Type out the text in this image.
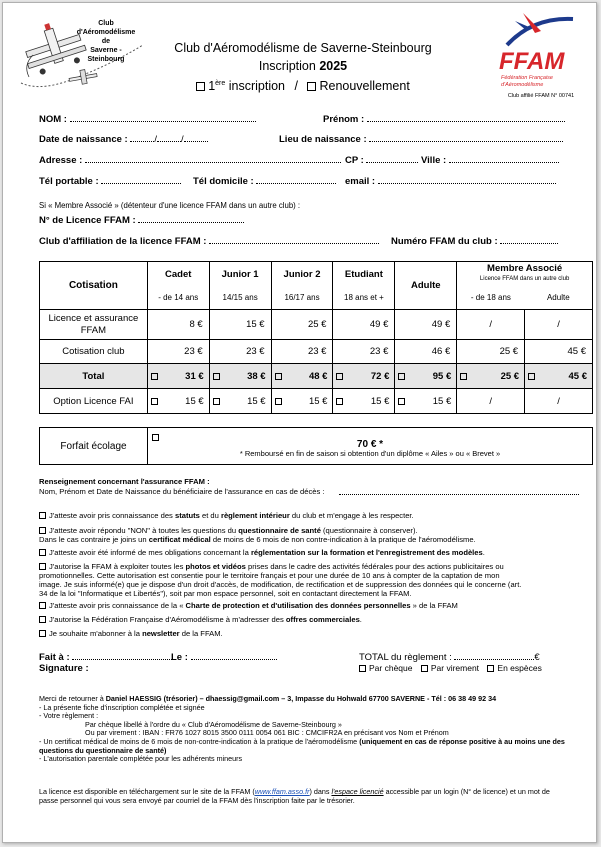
Club d'Aéromodélisme
de
Saverne - Steinbourg
Club d'Aéromodélisme de Saverne-Steinbourg
Inscription 2025
1ère inscription / Renouvellement
FFAM
Fédération Française
d'Aéromodélisme
Club affilié FFAM N° 00741
NOM :	Prénom :
Date de naissance :	/	/	Lieu de naissance :
Adresse :	CP :	Ville :
Tél portable :	Tél domicile :	email :
Si « Membre Associé » (détenteur d'une licence FFAM dans un autre club) :
N° de Licence FFAM :
Club d'affiliation de la licence FFAM :	Numéro FFAM du club :
Cotisation	Cadet	Junior 1	Junior 2	Etudiant	Adulte	Membre Associé
Licence FFAM dans un autre club	

	- de 14 ans	14/15 ans	16/17 ans	18 ans et +		- de 18 ans	Adulte
Licence et assurance FFAM	8 €	15 €	25 €	49 €	49 €	/	/
Cotisation club	23 €	23 €	23 €	23 €	46 €	25 €	45 €
Total	31 €	38 €	48 €	72 €	95 €	25 €	45 €

Option Licence FAI	15 €	15 €	15 €	15 €	15 €	/	/
Forfait écolage	70 € *
* Remboursé en fin de saison si obtention d'un diplôme « Ailes » ou « Brevet »
Renseignement concernant l'assurance FFAM :
Nom, Prénom et Date de Naissance du bénéficiaire de l'assurance en cas de décès :
J'atteste avoir pris connaissance des statuts et du règlement intérieur du club et m'engage à les respecter.
J'atteste avoir répondu "NON" à toutes les questions du questionnaire de santé (questionnaire à conserver).
Dans le cas contraire je joins un certificat médical de moins de 6 mois de non contre-indication à la pratique de l'aéromodélisme.
J'atteste avoir été informé de mes obligations concernant la réglementation sur la formation et l'enregistrement des modèles.
J'autorise la FFAM à exploiter toutes les photos et vidéos prises dans le cadre des activités fédérales pour des actions publicitaires ou
promotionnelles. Cette autorisation est consentie pour le territoire français et pour une durée de 10 ans à compter de la captation de mon
image. Je suis informé(e) que je dispose d'un droit d'accès, de modification, de rectification et de suppression des données qui le concerne (art.
34 de la loi "Informatique et Libertés"), soit par mon espace personnel, soit en contactant directement la FFAM.
J'atteste avoir pris connaissance de la « Charte de protection et d'utilisation des données personnelles » de la FFAM
J'autorise la Fédération Française d'Aéromodélisme à m'adresser des offres commerciales.
Je souhaite m'abonner à la newsletter de la FFAM.
Fait à :	Le :
Signature :
TOTAL du règlement :	€
Par chèque Par virement En espèces
Merci de retourner à Daniel HAESSIG (trésorier) – dhaessig@gmail.com – 3, Impasse du Hohwald 67700 SAVERNE - Tél : 06 38 49 92 34
- La présente fiche d'inscription complétée et signée
- Votre règlement :
Par chèque libellé à l'ordre du « Club d'Aéromodélisme de Saverne-Steinbourg »
Ou par virement : IBAN : FR76 1027 8015 3500 0111 0054 061 BIC : CMCIFR2A en précisant vos Nom et Prénom
- Un certificat médical de moins de 6 mois de non-contre-indication à la pratique de l'aéromodélisme (uniquement en cas de réponse positive à au moins une des
questions du questionnaire de santé)
- L'autorisation parentale complétée pour les adhérents mineurs
La licence est disponible en téléchargement sur le site de la FFAM (www.ffam.asso.fr) dans l'espace licencié accessible par un login (N° de licence) et un mot de
passe personnel qui vous sera envoyé par courriel de la FFAM dès l'inscription faite par le trésorier.
